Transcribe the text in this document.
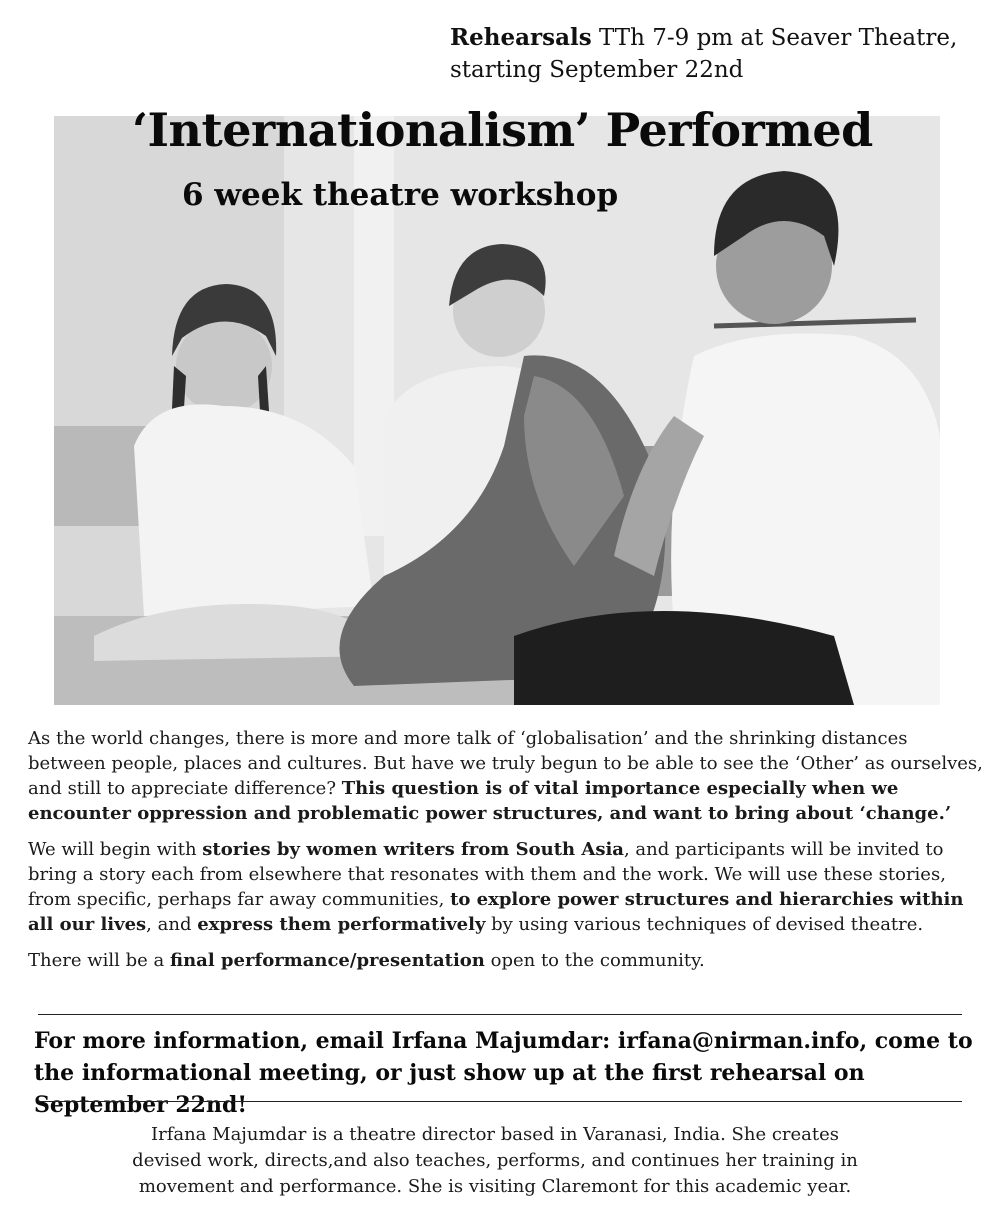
Rehearsals TTh 7-9 pm at Seaver Theatre,
starting September 22nd
‘Internationalism’ Performed
6 week theatre workshop

As the world changes, there is more and more talk of ‘globalisation’ and the shrinking distances between people, places and cultures. But have we truly begun to be able to see the ‘Other’ as ourselves, and still to appreciate difference? This question is of vital importance especially when we encounter oppression and problematic power structures, and want to bring about ‘change.’

We will begin with stories by women writers from South Asia, and participants will be invited to bring a story each from elsewhere that resonates with them and the work. We will use these stories, from specific, perhaps far away communities, to explore power structures and hierarchies within all our lives, and express them performatively by using various techniques of devised theatre.

There will be a final performance/presentation open to the community.

For more information, email Irfana Majumdar: irfana@nirman.info, come to the informational meeting, or just show up at the first rehearsal on September 22nd!
Irfana Majumdar is a theatre director based in Varanasi, India. She creates
devised work, directs,and also teaches, performs, and continues her training in
movement and performance. She is visiting Claremont for this academic year.
